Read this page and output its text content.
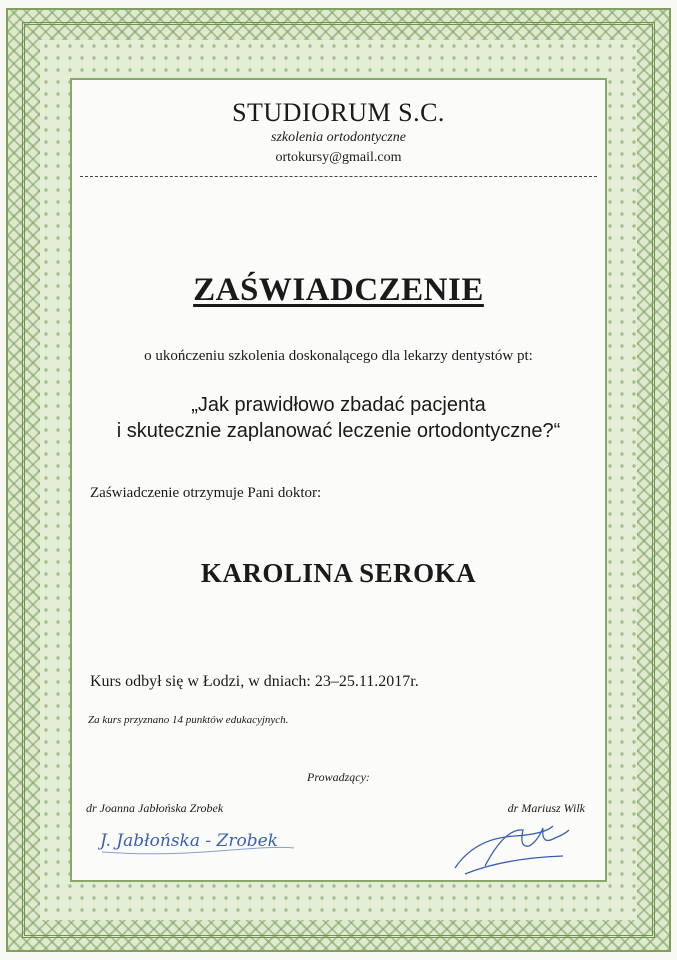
STUDIORUM S.C.
szkolenia ortodontyczne
ortokursy@gmail.com
ZAŚWIADCZENIE
o ukończeniu szkolenia doskonalącego dla lekarzy dentystów pt:
„Jak prawidłowo zbadać pacjenta
i skutecznie zaplanować leczenie ortodontyczne?“
Zaświadczenie otrzymuje Pani doktor:
KAROLINA SEROKA
Kurs odbył się w Łodzi, w dniach: 23–25.11.2017r.
Za kurs przyznano 14 punktów edukacyjnych.
Prowadzący:
dr Joanna Jabłońska Zrobek	dr Mariusz Wilk
J. Jabłońska - Zrobek
